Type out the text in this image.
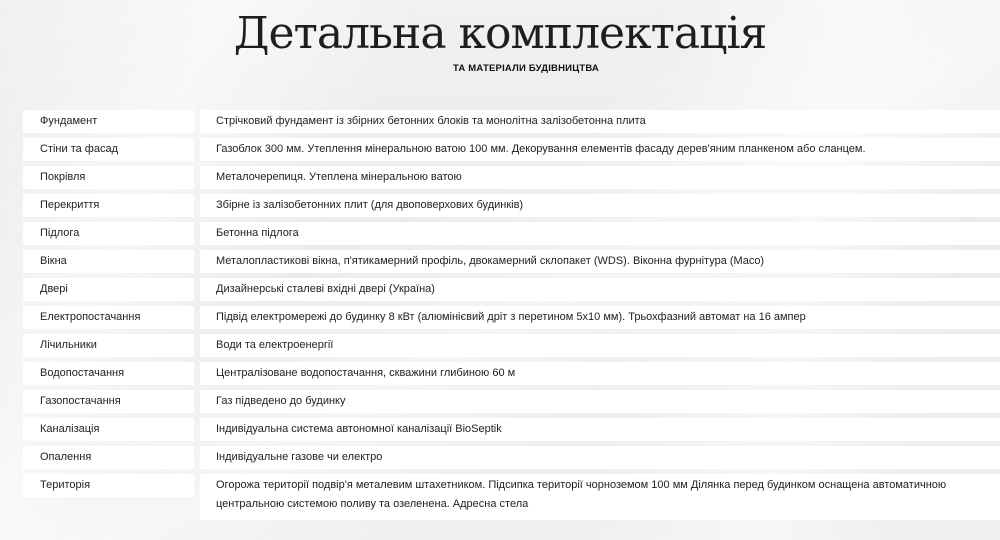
Детальна комплектація
ТА МАТЕРІАЛИ БУДІВНИЦТВА
Фундамент	Стрічковий фундамент із збірних бетонних блоків та монолітна залізобетонна плита
Стіни та фасад	Газоблок 300 мм. Утеплення мінеральною ватою 100 мм. Декорування елементів фасаду дерев'яним планкеном або сланцем.
Покрівля	Металочерепиця. Утеплена мінеральною ватою
Перекриття	Збірне із залізобетонних плит (для двоповерхових будинків)
Підлога	Бетонна підлога
Вікна	Металопластикові вікна, п'ятикамерний профіль, двокамерний склопакет (WDS). Віконна фурнітура (Maco)
Двері	Дизайнерські сталеві вхідні двері (Україна)
Електропостачання	Підвід електромережі до будинку 8 кВт (алюмінієвий дріт з перетином 5х10 мм). Трьохфазний автомат на 16 ампер
Лічильники	Води та електроенергії
Водопостачання	Централізоване водопостачання, скважини глибиною 60 м
Газопостачання	Газ підведено до будинку
Каналізація	Індивідуальна система автономної каналізації BioSeptik
Опалення	Індивідуальне газове чи електро
Територія	Огорожа території подвір'я металевим штахетником. Підсипка території чорноземом 100 мм Ділянка перед будинком оснащена автоматичною центральною системою поливу та озеленена. Адресна стела
